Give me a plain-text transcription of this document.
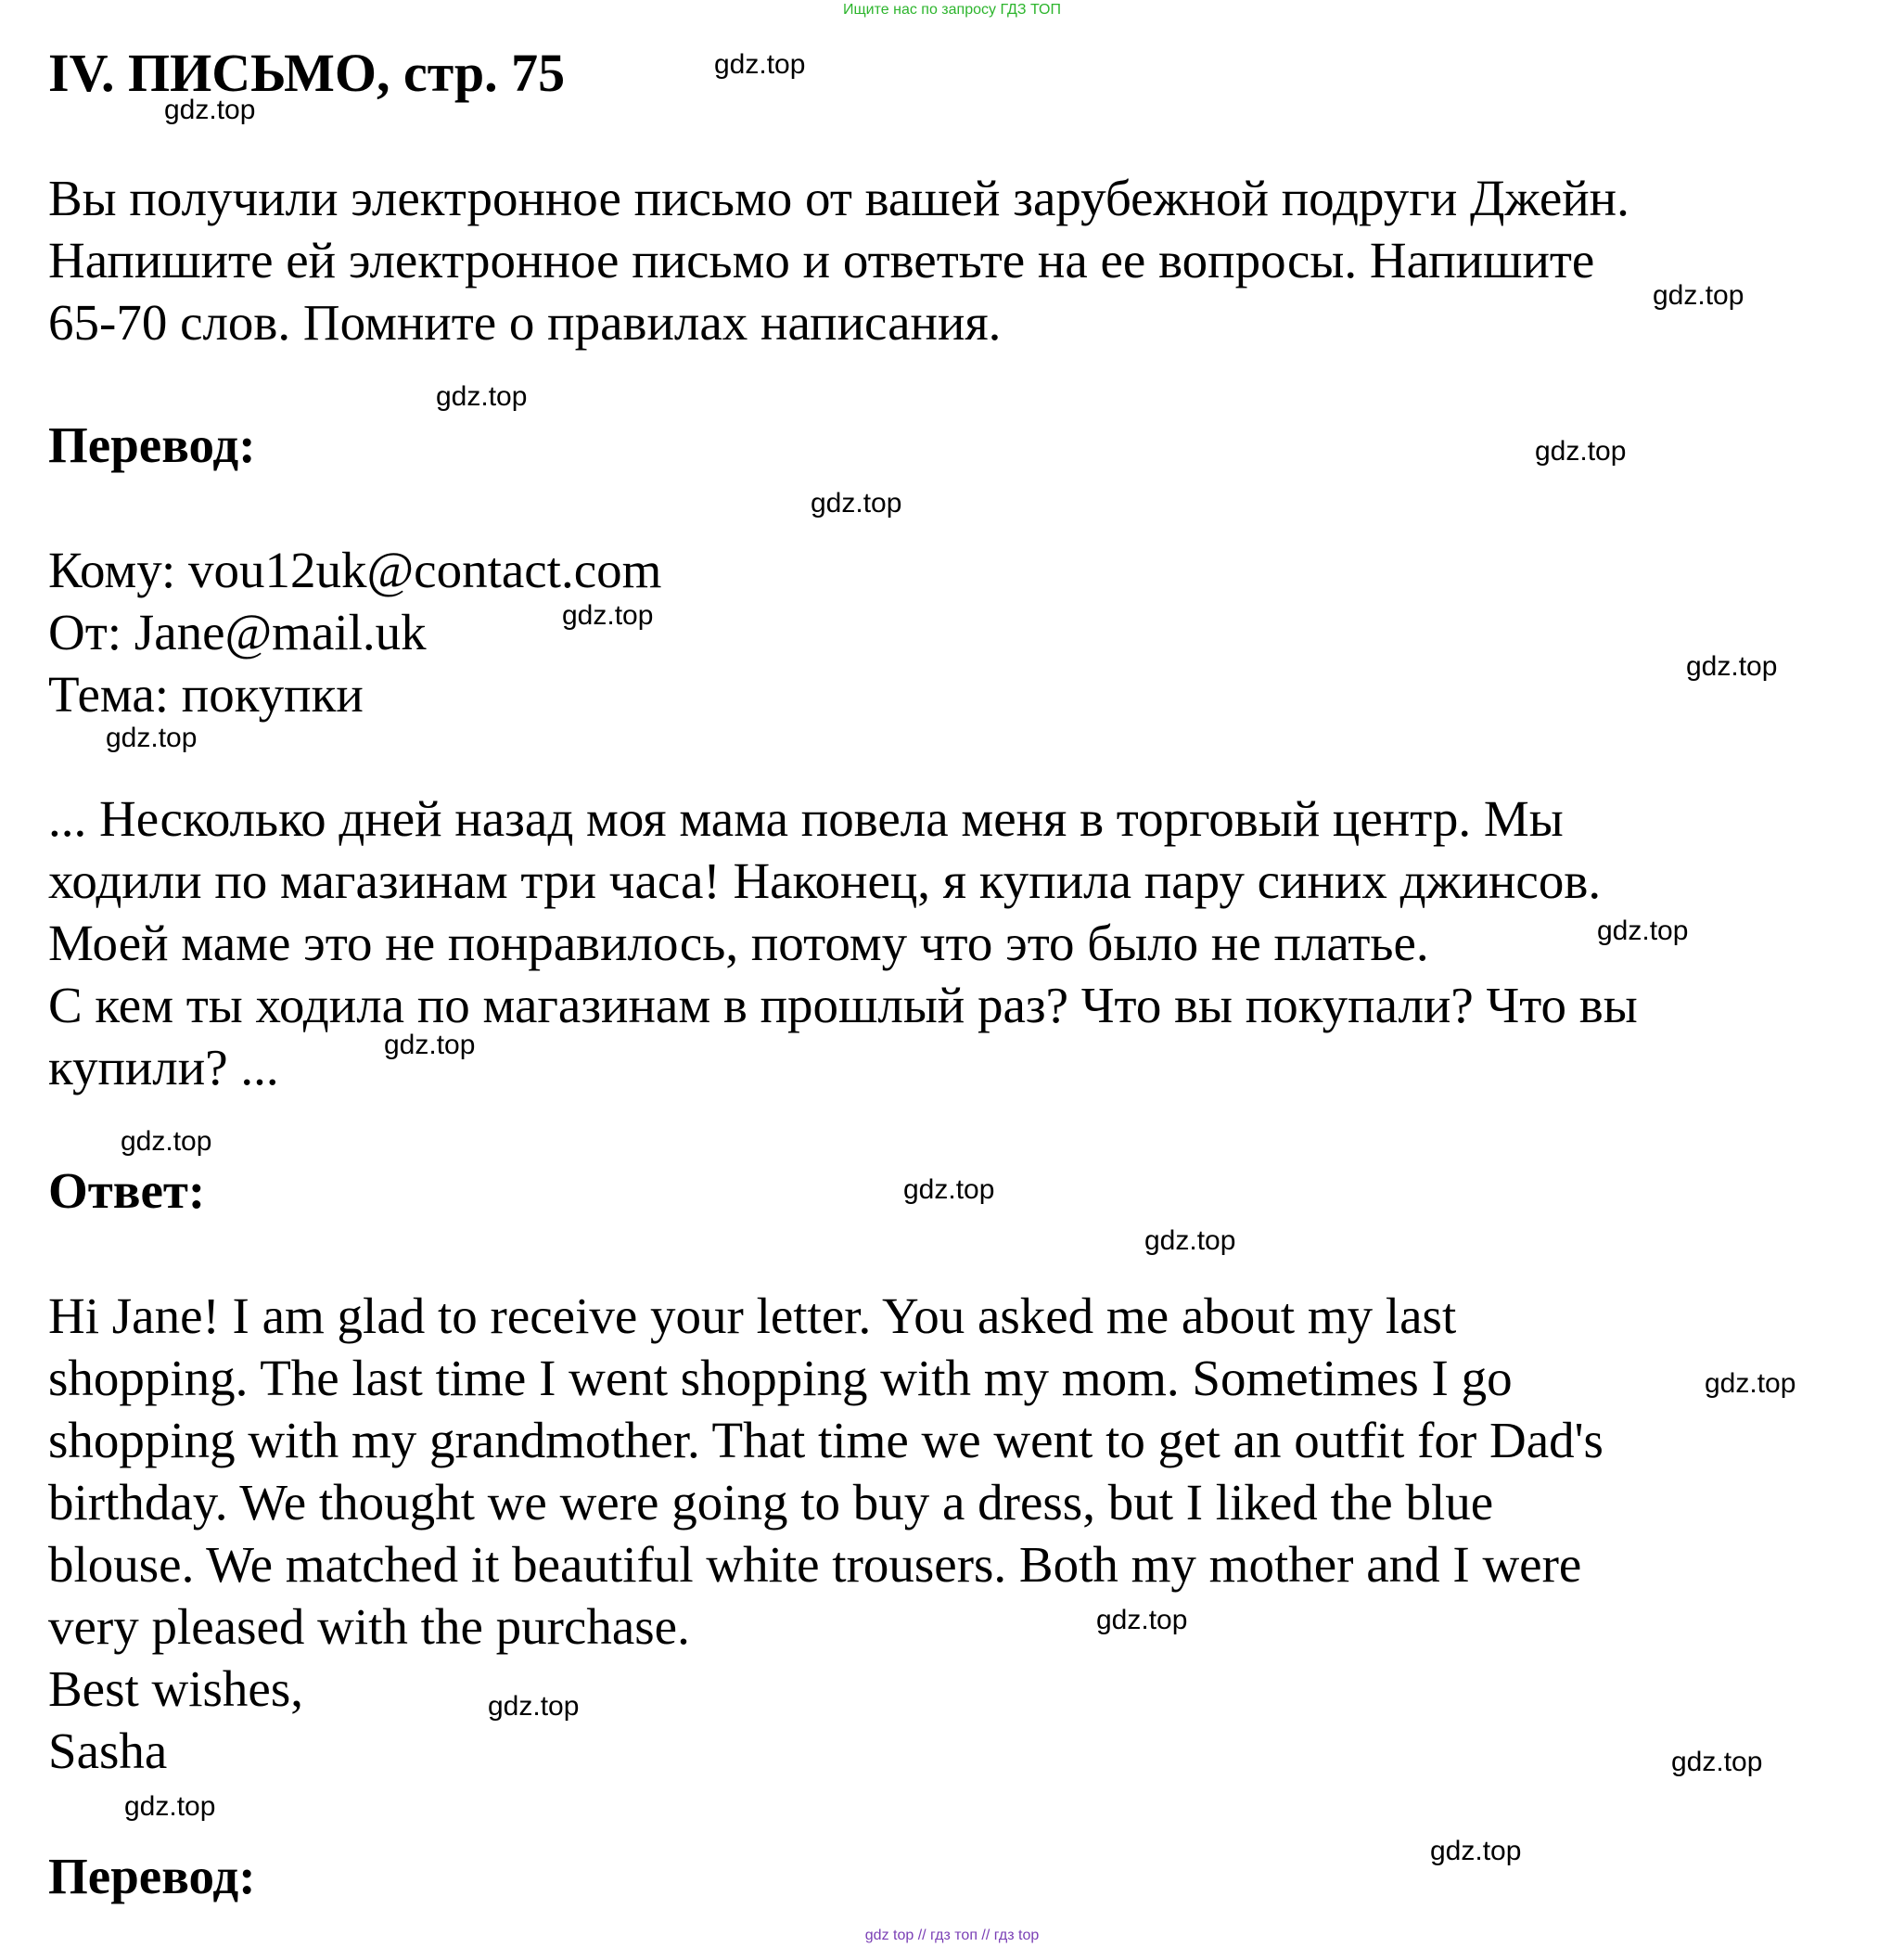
Ищите нас по запросу ГДЗ ТОП
IV. ПИСЬМО, стр. 75
Вы получили электронное письмо от вашей зарубежной подруги Джейн.
Напишите ей электронное письмо и ответьте на ее вопросы. Напишите
65-70 слов. Помните о правилах написания.
Перевод:
Кому: vou12uk@contact.com
От: Jane@mail.uk
Тема: покупки
... Несколько дней назад моя мама повела меня в торговый центр. Мы
ходили по магазинам три часа! Наконец, я купила пару синих джинсов.
Моей маме это не понравилось, потому что это было не платье.
С кем ты ходила по магазинам в прошлый раз? Что вы покупали? Что вы
купили? ...
Ответ:
Hi Jane! I am glad to receive your letter. You asked me about my last
shopping. The last time I went shopping with my mom. Sometimes I go
shopping with my grandmother. That time we went to get an outfit for Dad's
birthday. We thought we were going to buy a dress, but I liked the blue
blouse. We matched it beautiful white trousers. Both my mother and I were
very pleased with the purchase.
Best wishes,
Sasha
Перевод:
gdz.top
gdz.top
gdz.top
gdz.top
gdz.top
gdz.top
gdz.top
gdz.top
gdz.top
gdz.top
gdz.top
gdz.top
gdz.top
gdz.top
gdz.top
gdz.top
gdz.top
gdz.top
gdz.top
gdz.top
gdz top // гдз топ // гдз top
